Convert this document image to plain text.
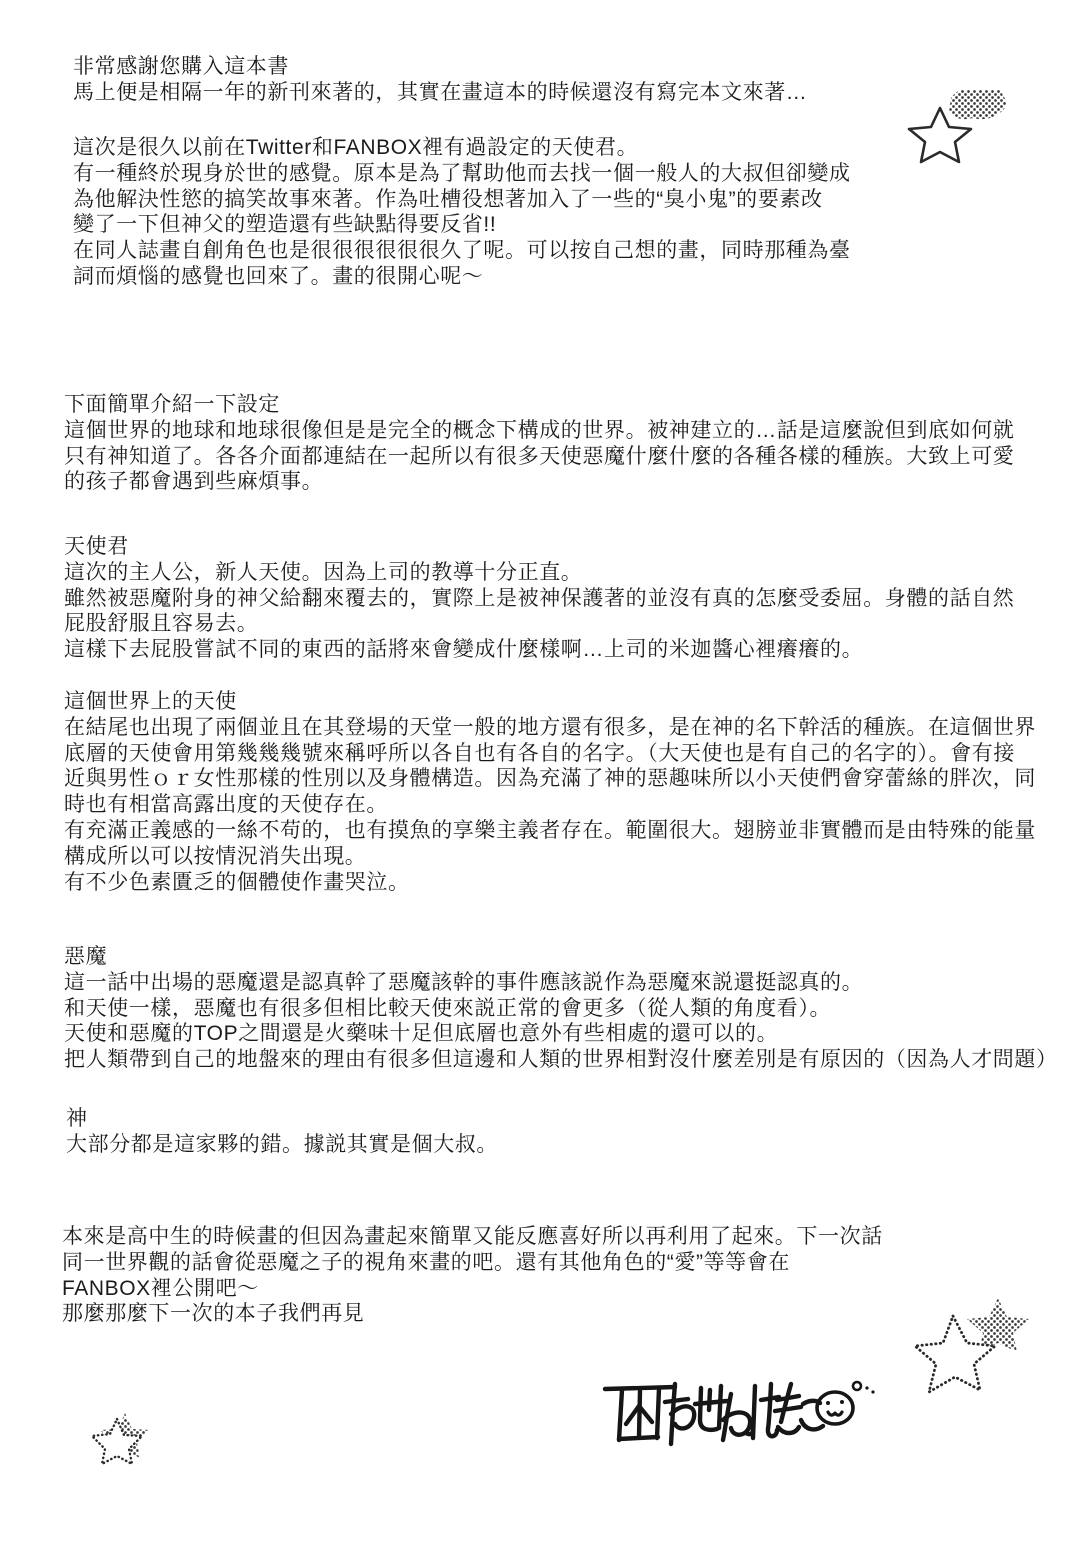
非常感謝您購入這本書
馬上便是相隔一年的新刊來著的，其實在畫這本的時候還沒有寫完本文來著…
這次是很久以前在Twitter和FANBOX裡有過設定的天使君。
有一種終於現身於世的感覺。原本是為了幫助他而去找一個一般人的大叔但卻變成
為他解決性慾的搞笑故事來著。作為吐槽役想著加入了一些的“臭小鬼”的要素改
變了一下但神父的塑造還有些缺點得要反省!!
在同人誌畫自創角色也是很很很很很很久了呢。可以按自己想的畫，同時那種為臺
詞而煩惱的感覺也回來了。畫的很開心呢～
下面簡單介紹一下設定
這個世界的地球和地球很像但是是完全的概念下構成的世界。被神建立的…話是這麼說但到底如何就
只有神知道了。各各介面都連結在一起所以有很多天使惡魔什麼什麼的各種各樣的種族。大致上可愛
的孩子都會遇到些麻煩事。
天使君
這次的主人公，新人天使。因為上司的教導十分正直。
雖然被惡魔附身的神父給翻來覆去的，實際上是被神保護著的並沒有真的怎麼受委屈。身體的話自然
屁股舒服且容易去。
這樣下去屁股嘗試不同的東西的話將來會變成什麼樣啊…上司的米迦醬心裡癢癢的。
這個世界上的天使
在結尾也出現了兩個並且在其登場的天堂一般的地方還有很多，是在神的名下幹活的種族。在這個世界
底層的天使會用第幾幾幾號來稱呼所以各自也有各自的名字。（大天使也是有自己的名字的）。會有接
近與男性ｏｒ女性那樣的性別以及身體構造。因為充滿了神的惡趣味所以小天使們會穿蕾絲的胖次，同
時也有相當高露出度的天使存在。
有充滿正義感的一絲不苟的，也有摸魚的享樂主義者存在。範圍很大。翅膀並非實體而是由特殊的能量
構成所以可以按情況消失出現。
有不少色素匱乏的個體使作畫哭泣。
惡魔
這一話中出場的惡魔還是認真幹了惡魔該幹的事件應該説作為惡魔來説還挺認真的。
和天使一樣，惡魔也有很多但相比較天使來説正常的會更多（從人類的角度看）。
天使和惡魔的TOP之間還是火藥味十足但底層也意外有些相處的還可以的。
把人類帶到自己的地盤來的理由有很多但這邊和人類的世界相對沒什麼差別是有原因的（因為人才問題）
神
大部分都是這家夥的錯。據説其實是個大叔。
本來是高中生的時候畫的但因為畫起來簡單又能反應喜好所以再利用了起來。下一次話
同一世界觀的話會從惡魔之子的視角來畫的吧。還有其他角色的“愛”等等會在
FANBOX裡公開吧～
那麼那麼下一次的本子我們再見
